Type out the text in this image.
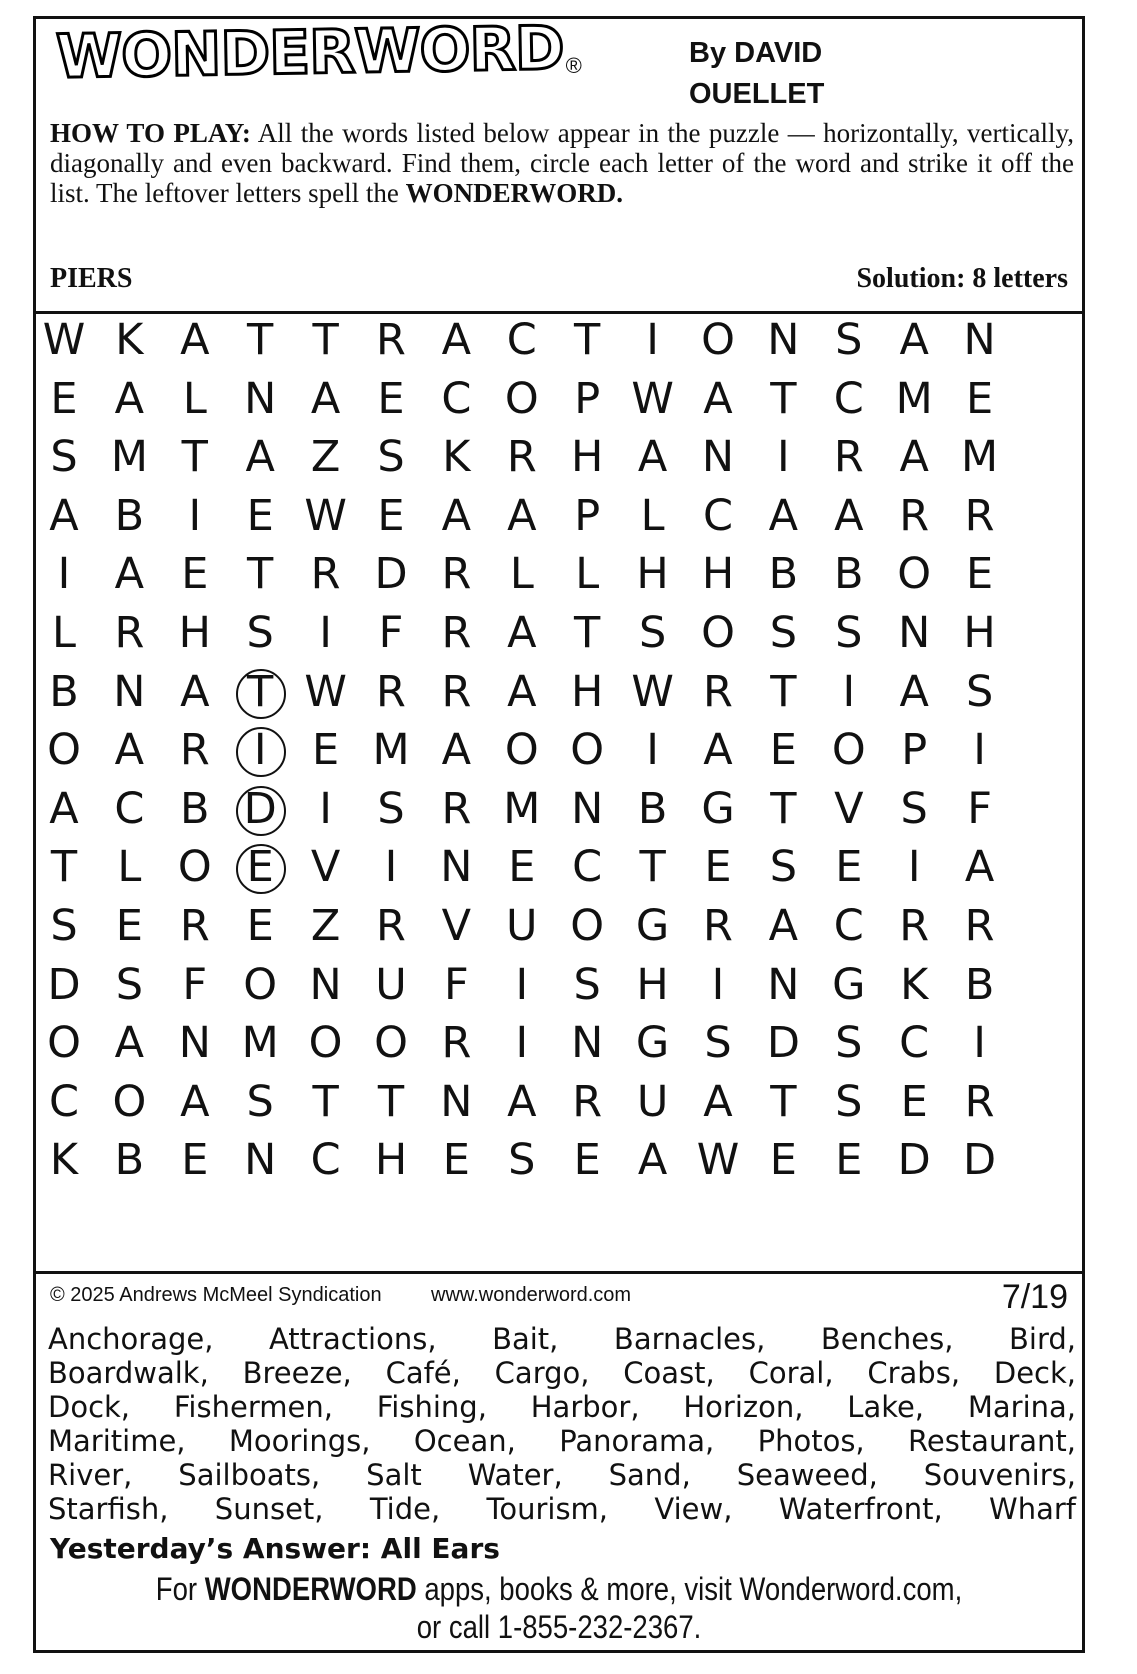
WONDERWORD ®	By DAVID
OUELLET
HOW TO PLAY: All the words listed below appear in the puzzle — horizontally, vertically, diagonally and even backward. Find them, circle each letter of the word and strike it off the list. The leftover letters spell the WONDERWORD.
PIERS	Solution: 8 letters
W K A T T R A C T	I O N S A N
E A L N A E C O P W A T C M E
S M T A Z S K R H A N I	R A M
A B	I	E W E A A P L C A A R R
I	A E T R D R L L H H B B O E
L R H S	I	F R A T S O S S N H
B N A T W R R A H W R T	I	A S
O A R	I	E M A O O I	A E O P	I
A C B D I	S R M N B G T V S F
T L O E V	I N E C T E S E	I	A
S E R E Z R V U O G R A C R R
D S F O N U F	I	S H I N G K B
O A N M O O R	I N G S D S C	I
C O A S T T N A R U A T S E R
K B E N C H E S E A W E E D D
© 2025 Andrews McMeel Syndication www.wonderword.com	7/19
Anchorage, Attractions, Bait, Barnacles, Benches, Bird,
Boardwalk, Breeze, Café, Cargo, Coast, Coral, Crabs, Deck,
Dock, Fishermen, Fishing, Harbor, Horizon, Lake, Marina,
Maritime, Moorings, Ocean, Panorama, Photos, Restaurant,
River, Sailboats, Salt Water, Sand, Seaweed, Souvenirs,
Starfish, Sunset, Tide, Tourism, View, Waterfront, Wharf
Yesterday’s Answer: All Ears
For WONDERWORD apps, books & more, visit Wonderword.com,
or call 1-855-232-2367.
